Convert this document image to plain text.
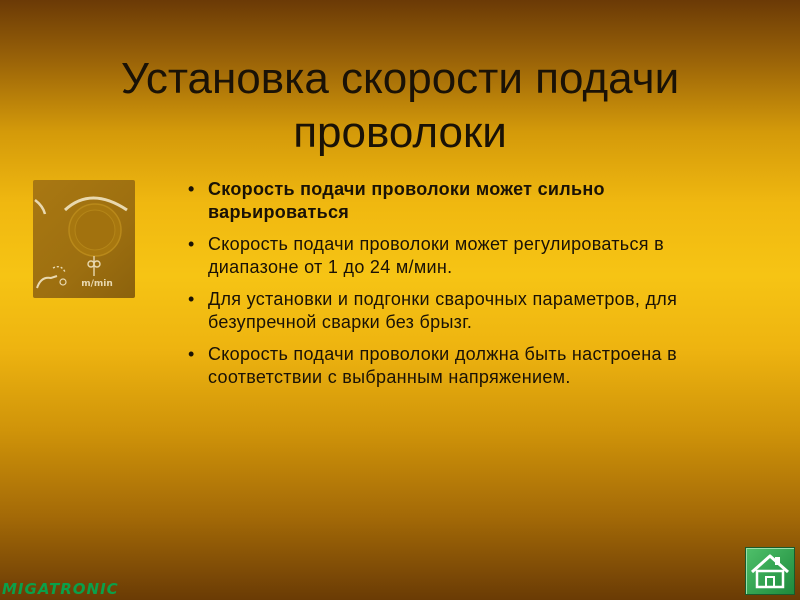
Установка скорости подачи
проволоки
m/min
• Скорость подачи проволоки может сильно варьироваться
• Скорость подачи проволоки может регулироваться в диапазоне от 1 до 24 м/мин.
• Для установки и подгонки сварочных параметров, для безупречной сварки без брызг.
• Скорость подачи проволоки должна быть настроена в соответствии с выбранным напряжением.
MIGATRONIC
